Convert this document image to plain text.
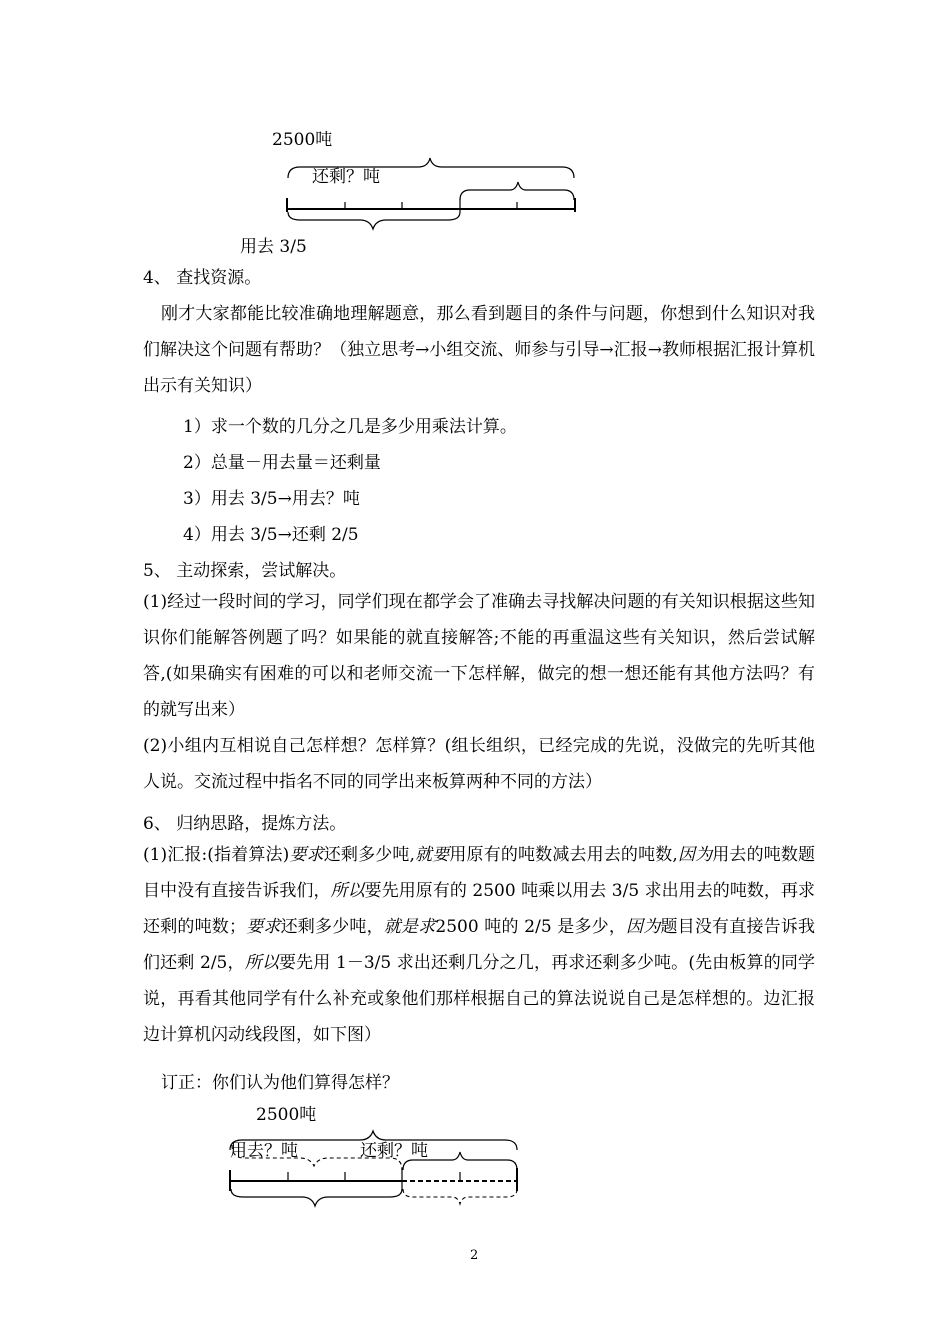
2500吨
还剩？吨
用去 3/5
4、 查找资源。
刚才大家都能比较准确地理解题意，那么看到题目的条件与问题，你想到什么知识对我们解决这个问题有帮助？（独立思考→小组交流、师参与引导→汇报→教师根据汇报计算机出示有关知识）
1）求一个数的几分之几是多少用乘法计算。
2）总量－用去量＝还剩量
3）用去 3/5→用去？吨
4）用去 3/5→还剩 2/5
5、 主动探索，尝试解决。
(1)经过一段时间的学习，同学们现在都学会了准确去寻找解决问题的有关知识根据这些知识你们能解答例题了吗？如果能的就直接解答;不能的再重温这些有关知识，然后尝试解答,(如果确实有困难的可以和老师交流一下怎样解，做完的想一想还能有其他方法吗？有的就写出来）
(2)小组内互相说自己怎样想？怎样算？(组长组织，已经完成的先说，没做完的先听其他人说。交流过程中指名不同的同学出来板算两种不同的方法）
6、 归纳思路，提炼方法。
(1)汇报:(指着算法)要求还剩多少吨,就要用原有的吨数减去用去的吨数,因为用去的吨数题目中没有直接告诉我们，所以要先用原有的 2500 吨乘以用去 3/5 求出用去的吨数，再求还剩的吨数；要求还剩多少吨，就是求2500 吨的 2/5 是多少，因为题目没有直接告诉我们还剩 2/5，所以要先用 1－3/5 求出还剩几分之几，再求还剩多少吨。(先由板算的同学说，再看其他同学有什么补充或象他们那样根据自己的算法说说自己是怎样想的。边汇报边计算机闪动线段图，如下图）
订正：你们认为他们算得怎样？
2500吨
用去？吨	还剩？吨
2
